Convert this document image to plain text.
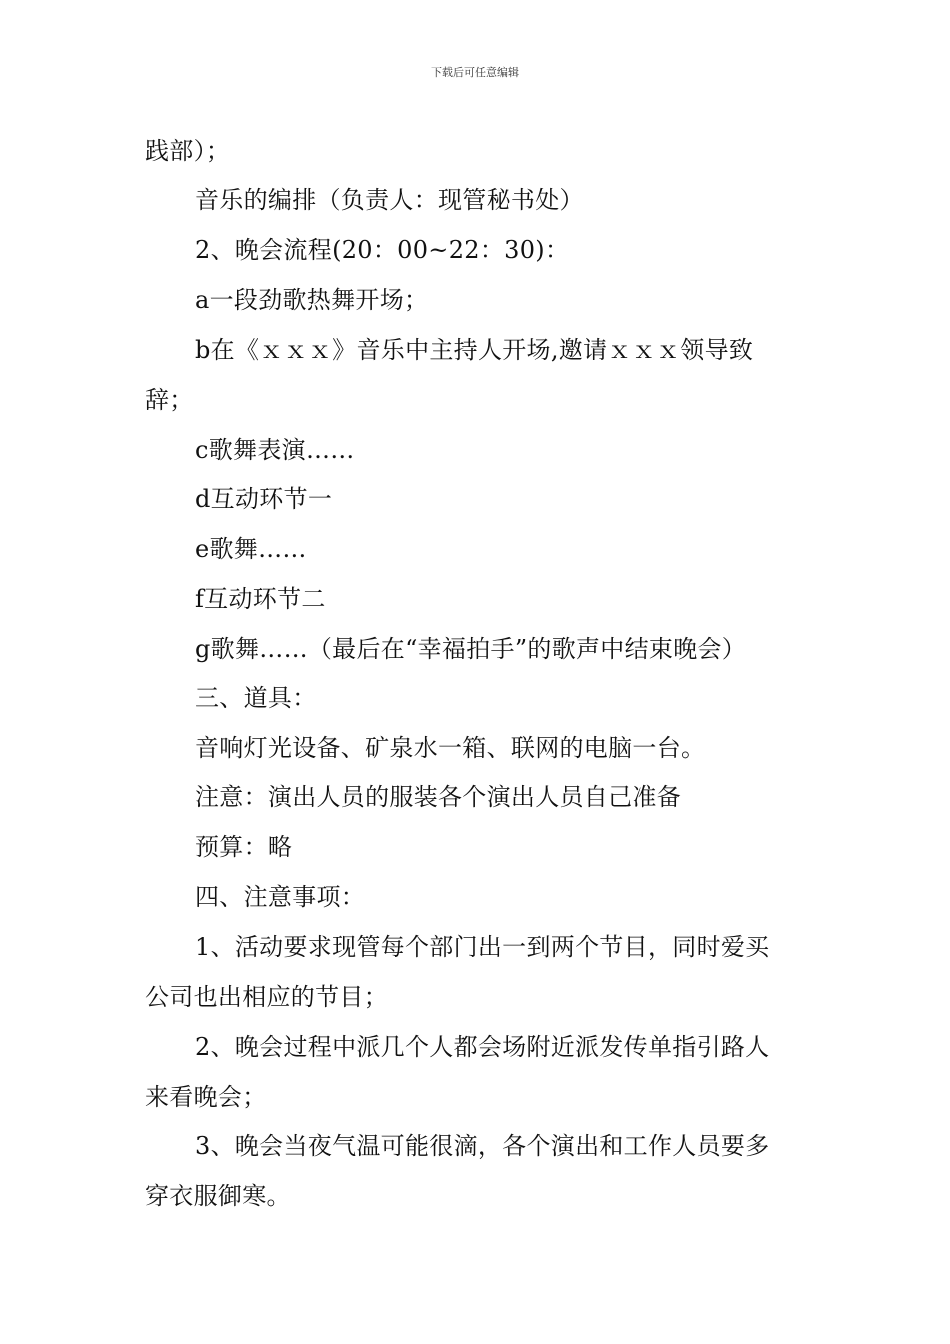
下载后可任意编辑
践部）；
音乐的编排（负责人：现管秘书处）
2、晚会流程(20：00~22：30)：
a一段劲歌热舞开场；
b在《ｘｘｘ》音乐中主持人开场,邀请ｘｘｘ领导致
辞；
c歌舞表演……
d互动环节一
e歌舞……
f互动环节二
g歌舞……（最后在“幸福拍手”的歌声中结束晚会）
三、道具：
音响灯光设备、矿泉水一箱、联网的电脑一台。
注意：演出人员的服装各个演出人员自己准备
预算：略
四、注意事项：
1、活动要求现管每个部门出一到两个节目，同时爱买
公司也出相应的节目；
2、晚会过程中派几个人都会场附近派发传单指引路人
来看晚会；
3、晚会当夜气温可能很滴，各个演出和工作人员要多
穿衣服御寒。
